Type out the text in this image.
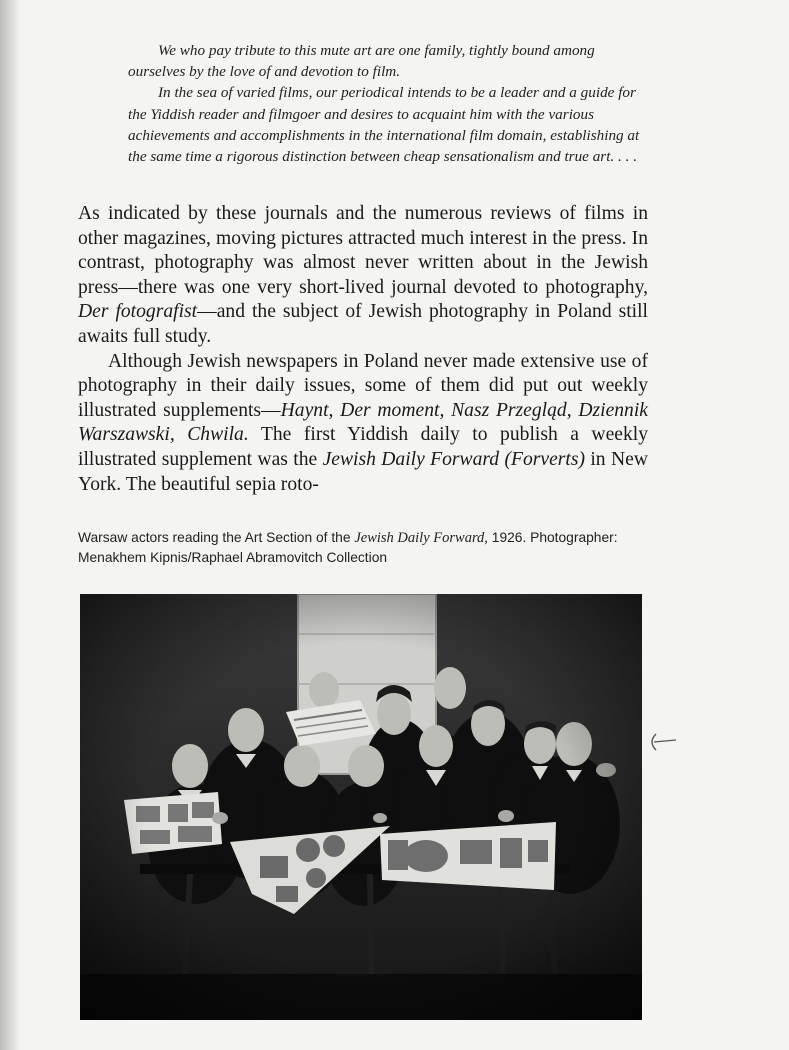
We who pay tribute to this mute art are one family, tightly bound among ourselves by the love of and devotion to film.

In the sea of varied films, our periodical intends to be a leader and a guide for the Yiddish reader and filmgoer and desires to acquaint him with the various achievements and accomplishments in the international film domain, establishing at the same time a rigorous distinction between cheap sensationalism and true art. . . .

As indicated by these journals and the numerous reviews of films in other magazines, moving pictures attracted much interest in the press. In contrast, photography was almost never written about in the Jewish press—there was one very short-lived journal devoted to photography, Der fotografist—and the subject of Jewish photography in Poland still awaits full study.

Although Jewish newspapers in Poland never made extensive use of photography in their daily issues, some of them did put out weekly illustrated supplements—Haynt, Der moment, Nasz Przegląd, Dziennik Warszawski, Chwila. The first Yiddish daily to publish a weekly illustrated supplement was the Jewish Daily Forward (Forverts) in New York. The beautiful sepia roto-

Warsaw actors reading the Art Section of the Jewish Daily Forward, 1926. Photographer: Menakhem Kipnis/Raphael Abramovitch Collection
